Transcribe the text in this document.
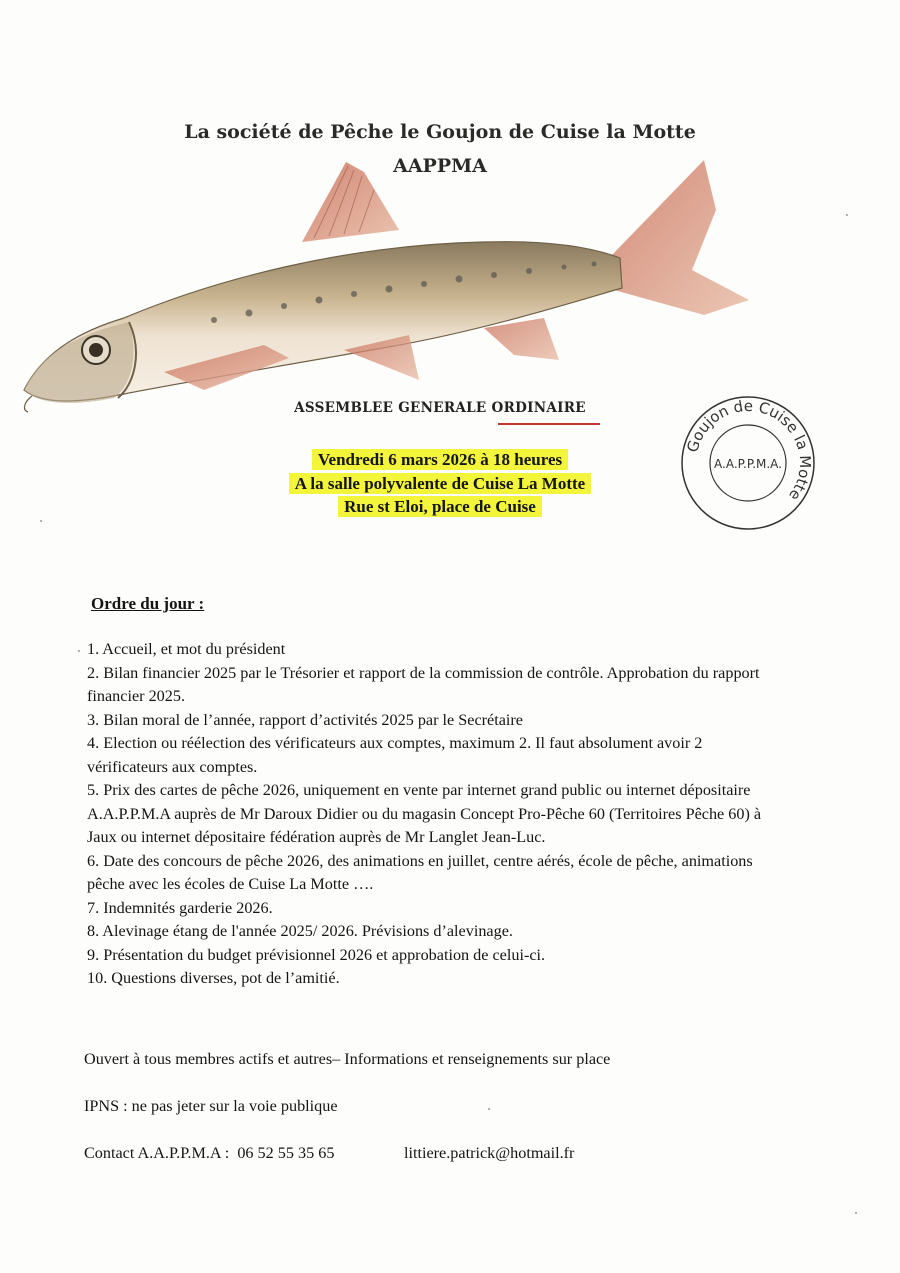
La société de Pêche le Goujon de Cuise la Motte
AAPPMA
ASSEMBLEE GENERALE ORDINAIRE
Vendredi 6 mars 2026 à 18 heures
A la salle polyvalente de Cuise La Motte
Rue st Eloi, place de Cuise
Goujon de Cuise la Motte
A.A.P.P.M.A.
Ordre du jour :
1. Accueil, et mot du président
2. Bilan financier 2025 par le Trésorier et rapport de la commission de contrôle. Approbation du rapport financier 2025.
3. Bilan moral de l’année, rapport d’activités 2025 par le Secrétaire
4. Election ou réélection des vérificateurs aux comptes, maximum 2. Il faut absolument avoir 2 vérificateurs aux comptes.
5. Prix des cartes de pêche 2026, uniquement en vente par internet grand public ou internet dépositaire A.A.P.P.M.A auprès de Mr Daroux Didier ou du magasin Concept Pro-Pêche 60 (Territoires Pêche 60) à Jaux ou internet dépositaire fédération auprès de Mr Langlet Jean-Luc.
6. Date des concours de pêche 2026, des animations en juillet, centre aérés, école de pêche, animations pêche avec les écoles de Cuise La Motte ….
7. Indemnités garderie 2026.
8. Alevinage étang de l'année 2025/ 2026. Prévisions d’alevinage.
9. Présentation du budget prévisionnel 2026 et approbation de celui-ci.
10. Questions diverses, pot de l’amitié.
Ouvert à tous membres actifs et autres– Informations et renseignements sur place
IPNS : ne pas jeter sur la voie publique
Contact A.A.P.P.M.A : 06 52 55 35 65	littiere.patrick@hotmail.fr
